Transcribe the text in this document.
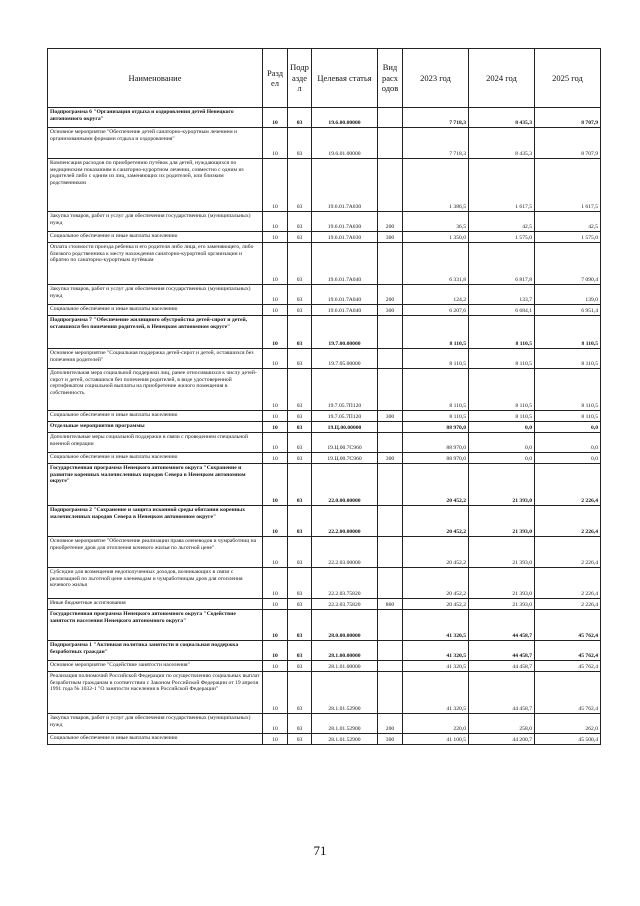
Наименование	Разд ел	Подр азде л	Целевая статья	Вид расх одов	2023 год	2024 год	2025 год
Подпрограмма 6 "Организация отдыха и оздоровления детей Ненецкого автономного округа"	10	03	19.6.00.00000		7 718,3	8 435,3	8 707,9
Основное мероприятие "Обеспечение детей санаторно-курортным лечением и организованными формами отдыха и оздоровления"	10	03	19.6.01.00000		7 718,3	8 435,3	8 707,9
Компенсация расходов по приобретению путёвок для детей, нуждающихся по медицинским показаниям в санаторно-курортном лечении, совместно с одним из родителей либо с одним из лиц, заменяющих их родителей, или близким родственником	10	03	19.6.01.7А030		1 386,5	1 617,5	1 617,5
Закупка товаров, работ и услуг для обеспечения государственных (муниципальных) нужд	10	03	19.6.01.7А030	200	36,5	42,5	42,5
Социальное обеспечение и иные выплаты населению	10	03	19.6.01.7А030	300	1 350,0	1 575,0	1 575,0
Оплата стоимости проезда ребенка и его родителя либо лица, его заменяющего, либо близкого родственника к месту нахождения санаторно-курортной организации и обратно по санаторно-курортным путёвкам	10	03	19.6.01.7А040		6 331,8	6 817,8	7 090,4
Закупка товаров, работ и услуг для обеспечения государственных (муниципальных) нужд	10	03	19.6.01.7А040	200	124,2	133,7	139,0
Социальное обеспечение и иные выплаты населению	10	03	19.6.01.7А040	300	6 207,6	6 684,1	6 951,4
Подпрограмма 7 "Обеспечение жилищного обустройства детей-сирот и детей, оставшихся без попечения родителей, в Ненецком автономном округе"	10	03	19.7.00.00000		8 110,5	8 110,5	8 110,5
Основное мероприятие "Социальная поддержка детей-сирот и детей, оставшихся без попечения родителей"	10	03	19.7.05.00000		8 110,5	8 110,5	8 110,5
Дополнительная мера социальной поддержки лиц, ранее относившихся к числу детей-сирот и детей, оставшихся без попечения родителей, в виде удостоверенной сертификатом социальной выплаты на приобретение жилого помещения в собственность	10	03	19.7.05.7П120		8 110,5	8 110,5	8 110,5
Социальное обеспечение и иные выплаты населению	10	03	19.7.05.7П120	300	8 110,5	8 110,5	8 110,5
Отдельные мероприятия программы	10	03	19.Ц.00.00000		88 970,0	0,0	0,0
Дополнительные меры социальной поддержки в связи с проведением специальной военной операции	10	03	19.Ц.00.7С960		88 970,0	0,0	0,0
Социальное обеспечение и иные выплаты населению	10	03	19.Ц.00.7С960	300	88 970,0	0,0	0,0
Государственная программа Ненецкого автономного округа "Сохранение и развитие коренных малочисленных народов Севера в Ненецком автономном округе"	10	03	22.0.00.00000		20 452,2	21 393,0	2 226,4
Подпрограмма 2 "Сохранение и защита исконной среды обитания коренных малочисленных народов Севера в Ненецком автономном округе"	10	03	22.2.00.00000		20 452,2	21 393,0	2 226,4
Основное мероприятие "Обеспечение реализации права оленеводов и чумработниц на приобретение дров для отопления кочевого жилья по льготной цене"	10	03	22.2.03.00000		20 452,2	21 393,0	2 226,4
Субсидии для возмещения недополученных доходов, возникающих в связи с реализацией по льготной цене оленеводам и чумработницам дров для отопления кочевого жилья	10	03	22.2.03.75820		20 452,2	21 393,0	2 226,4
Иные бюджетные ассигнования	10	03	22.2.03.75820	800	20 452,2	21 393,0	2 226,4
Государственная программа Ненецкого автономного округа "Содействие занятости населения Ненецкого автономного округа"	10	03	28.0.00.00000		41 320,5	44 458,7	45 762,4
Подпрограмма 1 "Активная политика занятости и социальная поддержка безработных граждан"	10	03	28.1.00.00000		41 320,5	44 458,7	45 762,4
Основное мероприятие "Содействие занятости населения"	10	03	28.1.01.00000		41 320,5	44 458,7	45 762,4
Реализация полномочий Российской Федерации по осуществлению социальных выплат безработным гражданам в соответствии с Законом Российской Федерации от 19 апреля 1991 года № 1032-1 "О занятости населения в Российской Федерации"	10	03	28.1.01.52900		41 320,5	44 458,7	45 762,4
Закупка товаров, работ и услуг для обеспечения государственных (муниципальных) нужд	10	03	28.1.01.52900	200	220,0	258,0	262,0
Социальное обеспечение и иные выплаты населению	10	03	28.1.01.52900	300	41 100,5	44 200,7	45 500,4
71
